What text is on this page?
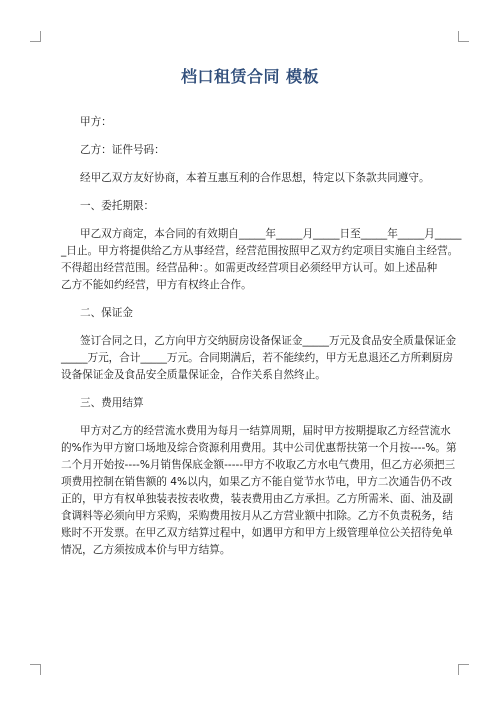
档口租赁合同 模板

甲方：

乙方：证件号码：

经甲乙双方友好协商，本着互惠互利的合作思想，特定以下条款共同遵守。

一、委托期限：

甲乙双方商定，本合同的有效期自_____年_____月_____日至_____年_____月_____

_日止。甲方将提供给乙方从事经营，经营范围按照甲乙双方约定项目实施自主经营。

不得超出经营范围。经营品种：。如需更改经营项目必须经甲方认可。如上述品种

乙方不能如约经营，甲方有权终止合作。

二、保证金

签订合同之日，乙方向甲方交纳厨房设备保证金_____万元及食品安全质量保证金

_____万元，合计_____万元。合同期满后，若不能续约，甲方无息退还乙方所剩厨房

设备保证金及食品安全质量保证金，合作关系自然终止。

三、费用结算

甲方对乙方的经营流水费用为每月一结算周期，届时甲方按期提取乙方经营流水

的%作为甲方窗口场地及综合资源利用费用。其中公司优惠帮扶第一个月按----%。第

二个月开始按----%月销售保底金额-----甲方不收取乙方水电气费用，但乙方必须把三

项费用控制在销售额的 4%以内，如果乙方不能自觉节水节电，甲方二次通告仍不改

正的，甲方有权单独装表按表收费，装表费用由乙方承担。乙方所需米、面、油及副

食调料等必须向甲方采购，采购费用按月从乙方营业额中扣除。乙方不负责税务，结

账时不开发票。在甲乙双方结算过程中，如遇甲方和甲方上级管理单位公关招待免单

情况，乙方须按成本价与甲方结算。
